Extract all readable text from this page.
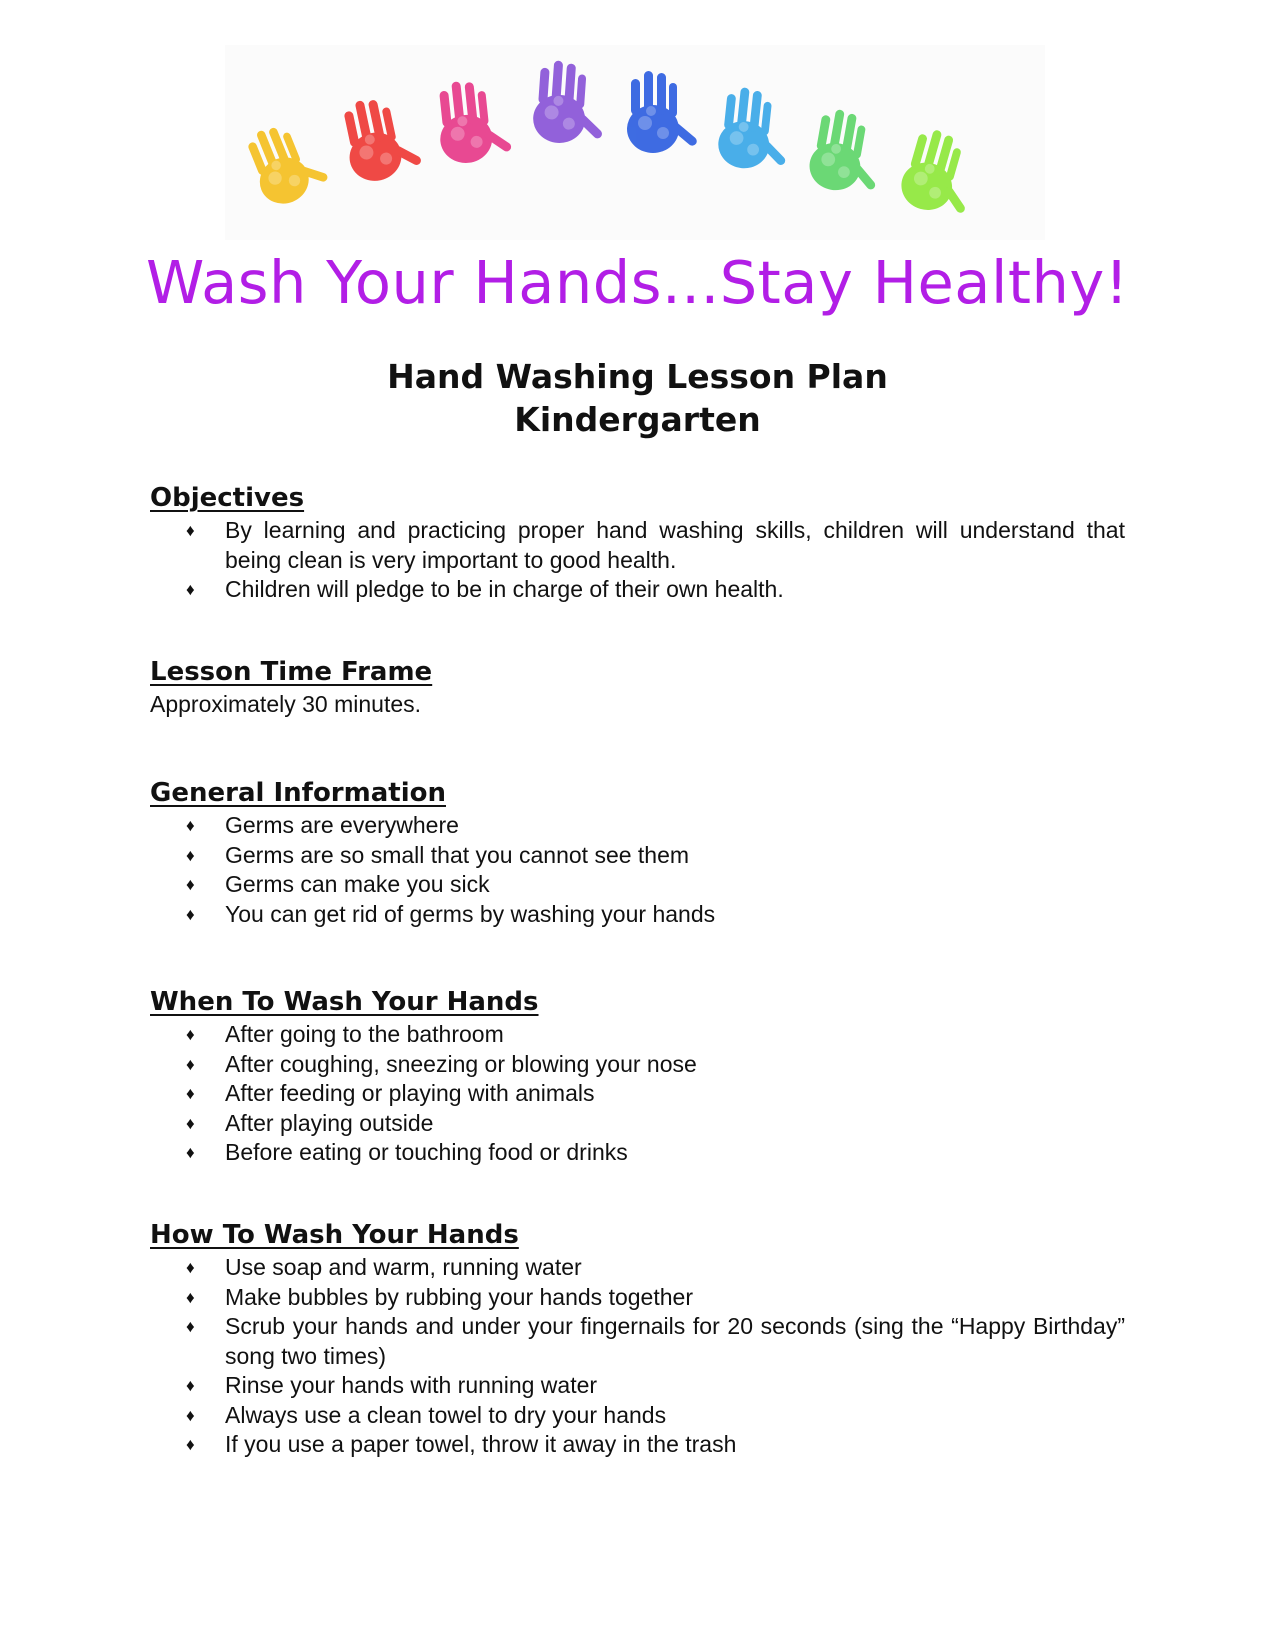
Wash Your Hands...Stay Healthy!
Hand Washing Lesson Plan
Kindergarten
Objectives
♦ By learning and practicing proper hand washing skills, children will understand that being clean is very important to good health.
♦ Children will pledge to be in charge of their own health.
Lesson Time Frame
Approximately 30 minutes.
General Information
♦ Germs are everywhere
♦ Germs are so small that you cannot see them
♦ Germs can make you sick
♦ You can get rid of germs by washing your hands
When To Wash Your Hands
♦ After going to the bathroom
♦ After coughing, sneezing or blowing your nose
♦ After feeding or playing with animals
♦ After playing outside
♦ Before eating or touching food or drinks
How To Wash Your Hands
♦ Use soap and warm, running water
♦ Make bubbles by rubbing your hands together
♦ Scrub your hands and under your fingernails for 20 seconds (sing the “Happy Birthday” song two times)
♦ Rinse your hands with running water
♦ Always use a clean towel to dry your hands
♦ If you use a paper towel, throw it away in the trash
